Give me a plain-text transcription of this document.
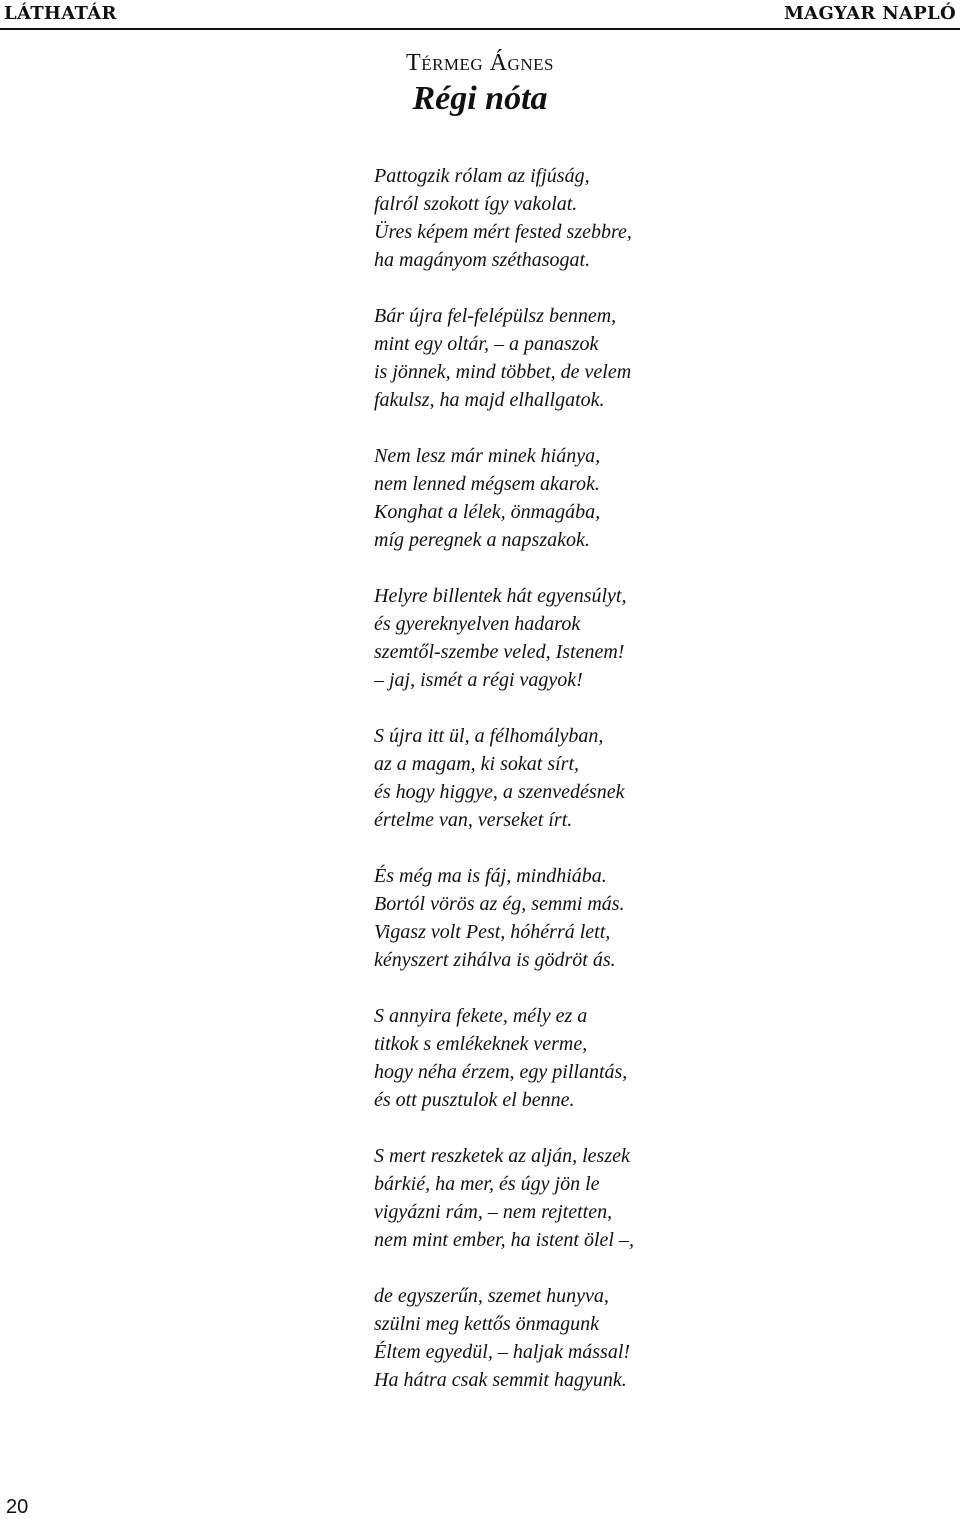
LÁTHATÁR	MAGYAR NAPLÓ
Térmeg Ágnes
Régi nóta
Pattogzik rólam az ifjúság,
falról szokott így vakolat.
Üres képem mért fested szebbre,
ha magányom széthasogat.
Bár újra fel-felépülsz bennem,
mint egy oltár, – a panaszok
is jönnek, mind többet, de velem
fakulsz, ha majd elhallgatok.
Nem lesz már minek hiánya,
nem lenned mégsem akarok.
Konghat a lélek, önmagába,
míg peregnek a napszakok.
Helyre billentek hát egyensúlyt,
és gyereknyelven hadarok
szemtől-szembe veled, Istenem!
– jaj, ismét a régi vagyok!
S újra itt ül, a félhomályban,
az a magam, ki sokat sírt,
és hogy higgye, a szenvedésnek
értelme van, verseket írt.
És még ma is fáj, mindhiába.
Bortól vörös az ég, semmi más.
Vigasz volt Pest, hóhérrá lett,
kényszert zihálva is gödröt ás.
S annyira fekete, mély ez a
titkok s emlékeknek verme,
hogy néha érzem, egy pillantás,
és ott pusztulok el benne.
S mert reszketek az alján, leszek
bárkié, ha mer, és úgy jön le
vigyázni rám, – nem rejtetten,
nem mint ember, ha istent ölel –,
de egyszerűn, szemet hunyva,
szülni meg kettős önmagunk
Éltem egyedül, – haljak mással!
Ha hátra csak semmit hagyunk.
20
